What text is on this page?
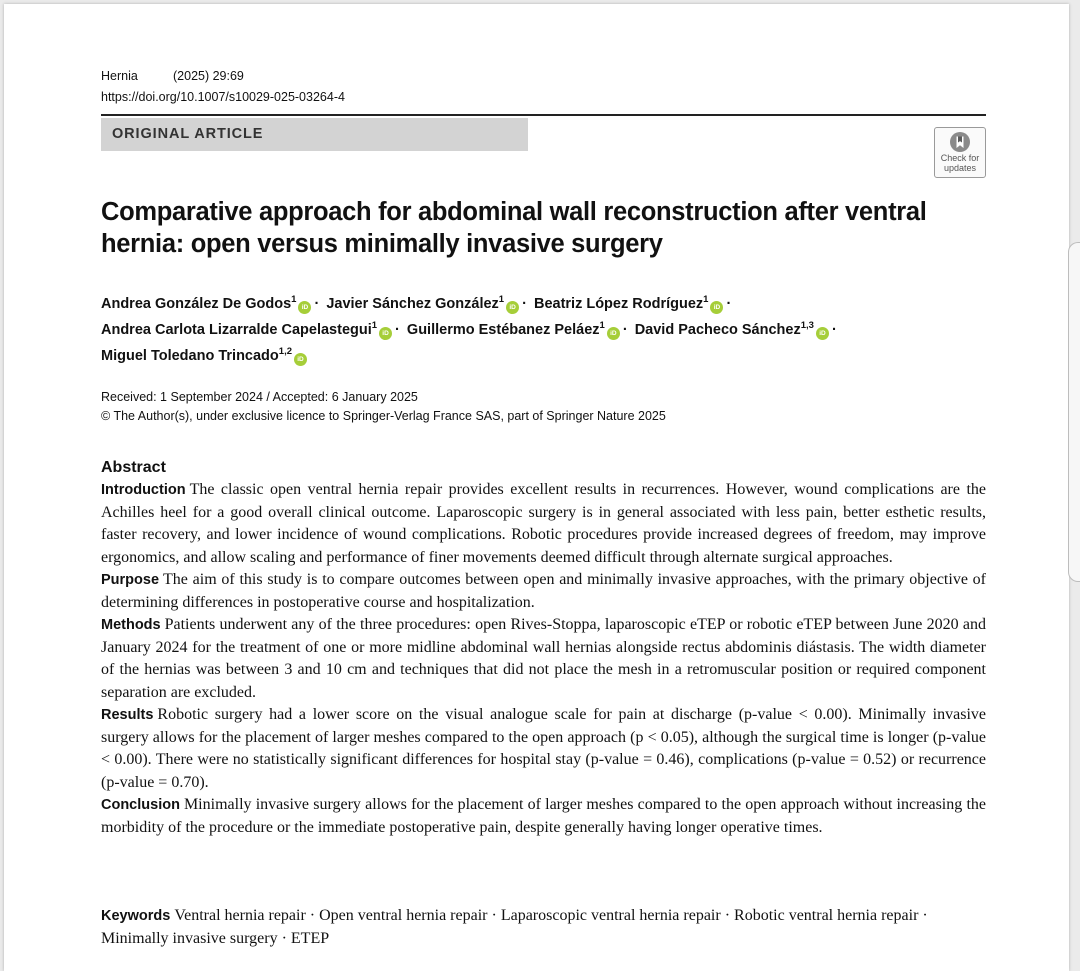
Hernia	(2025) 29:69
https://doi.org/10.1007/s10029-025-03264-4
ORIGINAL ARTICLE
Check for
updates
Comparative approach for abdominal wall reconstruction after ventral hernia: open versus minimally invasive surgery
Andrea González De Godos$^1$iD · Javier Sánchez González$^1$iD · Beatriz López Rodríguez$^1$iD ·
Andrea Carlota Lizarralde Capelastegui$^1$iD · Guillermo Estébanez Peláez$^1$iD · David Pacheco Sánchez$^{1,3}$iD ·
Miguel Toledano Trincado$^{1,2}$iD
Received: 1 September 2024 / Accepted: 6 January 2025
© The Author(s), under exclusive licence to Springer-Verlag France SAS, part of Springer Nature 2025
Abstract

Introduction The classic open ventral hernia repair provides excellent results in recurrences. However, wound complications are the Achilles heel for a good overall clinical outcome. Laparoscopic surgery is in general associated with less pain, better esthetic results, faster recovery, and lower incidence of wound complications. Robotic procedures provide increased degrees of freedom, may improve ergonomics, and allow scaling and performance of finer movements deemed difficult through alternate surgical approaches.

Purpose The aim of this study is to compare outcomes between open and minimally invasive approaches, with the primary objective of determining differences in postoperative course and hospitalization.

Methods Patients underwent any of the three procedures: open Rives-Stoppa, laparoscopic eTEP or robotic eTEP between June 2020 and January 2024 for the treatment of one or more midline abdominal wall hernias alongside rectus abdominis diástasis. The width diameter of the hernias was between 3 and 10 cm and techniques that did not place the mesh in a retromuscular position or required component separation are excluded.

Results Robotic surgery had a lower score on the visual analogue scale for pain at discharge (p-value < 0.00). Minimally invasive surgery allows for the placement of larger meshes compared to the open approach (p < 0.05), although the surgical time is longer (p-value < 0.00). There were no statistically significant differences for hospital stay (p-value = 0.46), complications (p-value = 0.52) or recurrence (p-value = 0.70).

Conclusion Minimally invasive surgery allows for the placement of larger meshes compared to the open approach without increasing the morbidity of the procedure or the immediate postoperative pain, despite generally having longer operative times.

Keywords Ventral hernia repair · Open ventral hernia repair · Laparoscopic ventral hernia repair · Robotic ventral hernia repair · Minimally invasive surgery · ETEP
